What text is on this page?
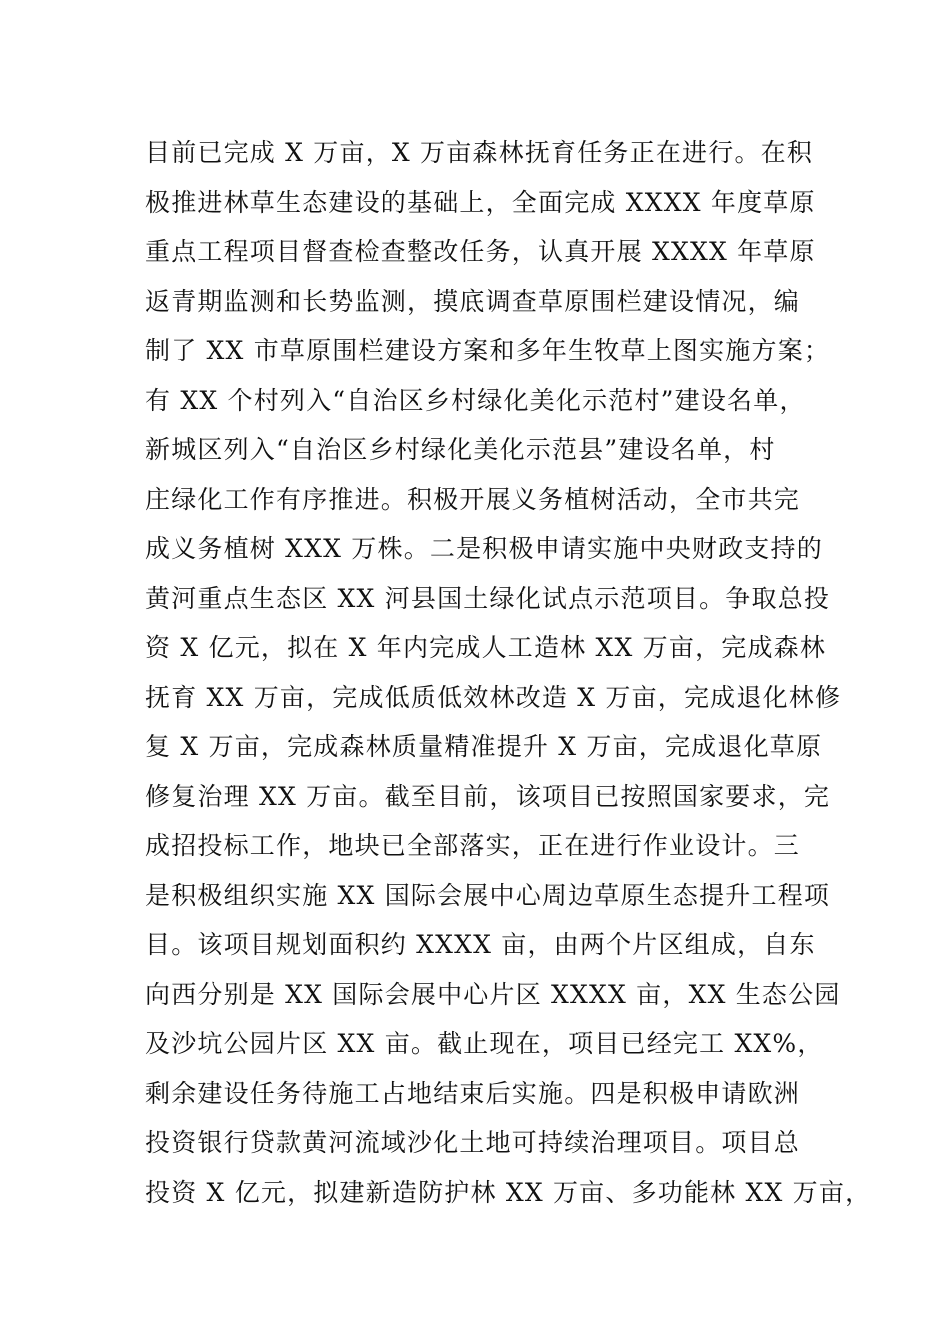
目前已完成 X 万亩，X 万亩森林抚育任务正在进行。在积
极推进林草生态建设的基础上，全面完成 XXXX 年度草原
重点工程项目督查检查整改任务，认真开展 XXXX 年草原
返青期监测和长势监测，摸底调查草原围栏建设情况，编
制了 XX 市草原围栏建设方案和多年生牧草上图实施方案；
有 XX 个村列入“自治区乡村绿化美化示范村”建设名单，
新城区列入“自治区乡村绿化美化示范县”建设名单，村
庄绿化工作有序推进。积极开展义务植树活动，全市共完
成义务植树 XXX 万株。二是积极申请实施中央财政支持的
黄河重点生态区 XX 河县国土绿化试点示范项目。争取总投
资 X 亿元，拟在 X 年内完成人工造林 XX 万亩，完成森林
抚育 XX 万亩，完成低质低效林改造 X 万亩，完成退化林修
复 X 万亩，完成森林质量精准提升 X 万亩，完成退化草原
修复治理 XX 万亩。截至目前，该项目已按照国家要求，完
成招投标工作，地块已全部落实，正在进行作业设计。三
是积极组织实施 XX 国际会展中心周边草原生态提升工程项
目。该项目规划面积约 XXXX 亩，由两个片区组成，自东
向西分别是 XX 国际会展中心片区 XXXX 亩，XX 生态公园
及沙坑公园片区 XX 亩。截止现在，项目已经完工 XX%，
剩余建设任务待施工占地结束后实施。四是积极申请欧洲
投资银行贷款黄河流域沙化土地可持续治理项目。项目总
投资 X 亿元，拟建新造防护林 XX 万亩、多功能林 XX 万亩，
